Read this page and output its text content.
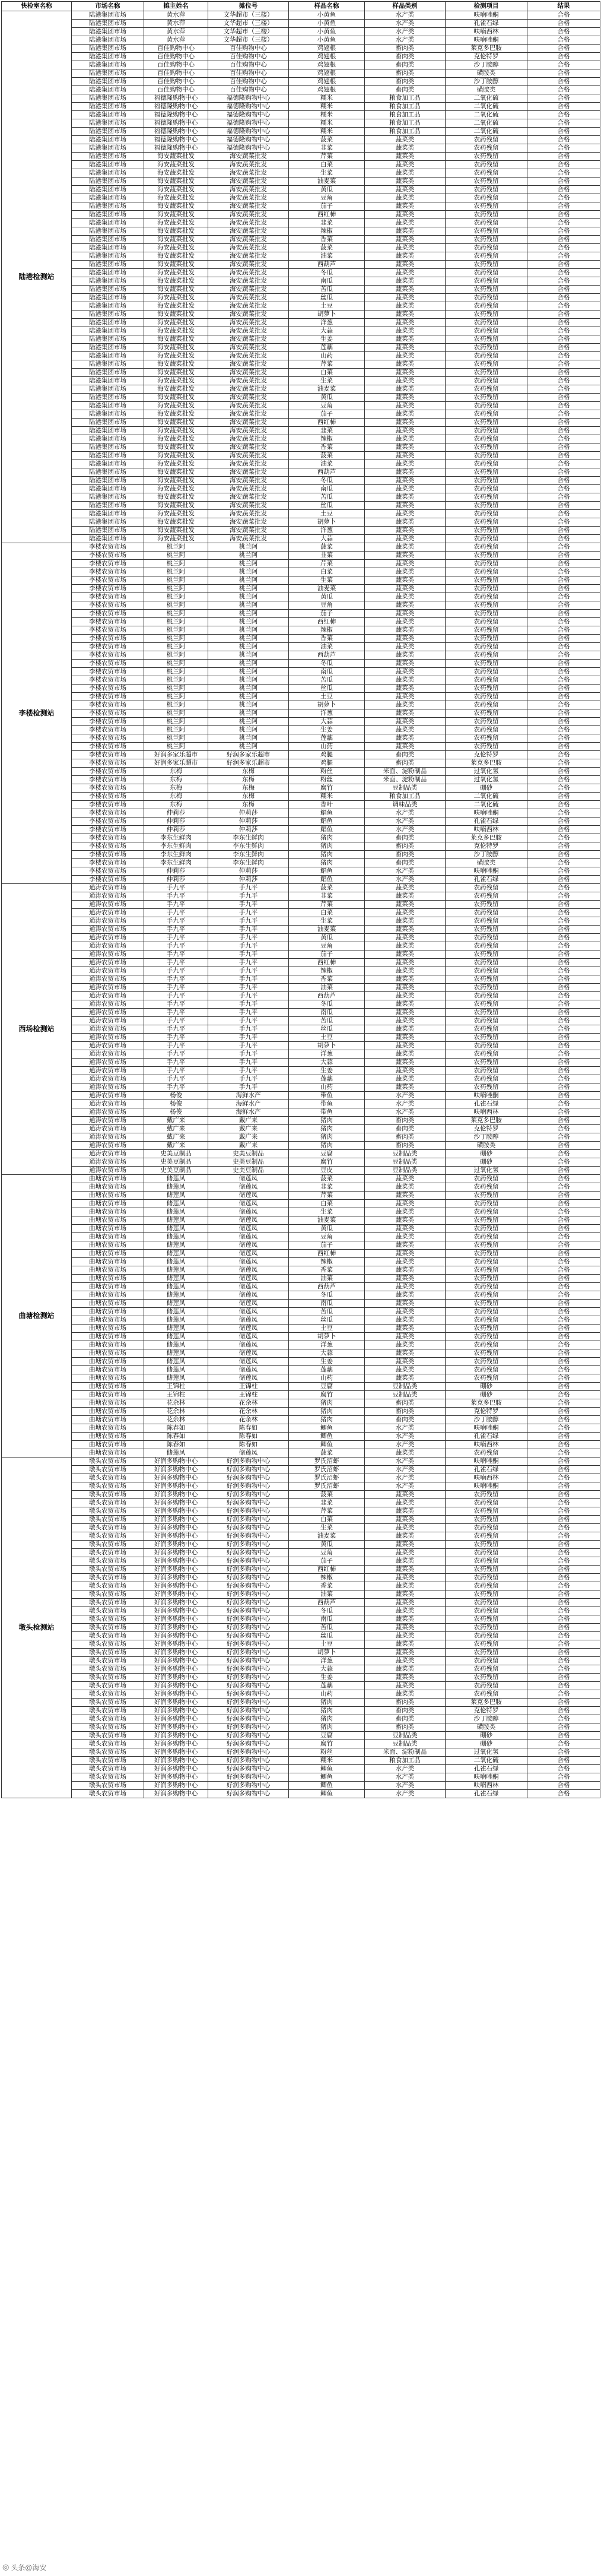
快检室名称	市场名称	摊主姓名	摊位号	样品名称	样品类别	检测项目	结果
陆港检测站	陆港集团市场	黄水萍	文华超市（三楼）	小黄鱼	水产类	呋喃唑酮	合格
	陆港集团市场	黄水萍	文华超市（三楼）	小黄鱼	水产类	孔雀石绿	合格
	陆港集团市场	黄水萍	文华超市（三楼）	小黄鱼	水产类	呋喃西林	合格
	陆港集团市场	黄水萍	文华超市（三楼）	小黄鱼	水产类	呋喃唑酮	合格
	陆港集团市场	百佳购物中心	百佳购物中心	鸡翅根	畜肉类	莱克多巴胺	合格
	陆港集团市场	百佳购物中心	百佳购物中心	鸡翅根	畜肉类	克伦特罗	合格
	陆港集团市场	百佳购物中心	百佳购物中心	鸡翅根	畜肉类	沙丁胺醇	合格
	陆港集团市场	百佳购物中心	百佳购物中心	鸡翅根	畜肉类	磺胺类	合格
	陆港集团市场	百佳购物中心	百佳购物中心	鸡翅根	畜肉类	沙丁胺醇	合格
	陆港集团市场	百佳购物中心	百佳购物中心	鸡翅根	畜肉类	磺胺类	合格
	陆港集团市场	福德隆购物中心	福德隆购物中心	糯米	粮食加工品	二氧化硫	合格
	陆港集团市场	福德隆购物中心	福德隆购物中心	糯米	粮食加工品	二氧化硫	合格
	陆港集团市场	福德隆购物中心	福德隆购物中心	糯米	粮食加工品	二氧化硫	合格
	陆港集团市场	福德隆购物中心	福德隆购物中心	糯米	粮食加工品	二氧化硫	合格
	陆港集团市场	福德隆购物中心	福德隆购物中心	糯米	粮食加工品	二氧化硫	合格
	陆港集团市场	福德隆购物中心	福德隆购物中心	菠菜	蔬菜类	农药残留	合格
	陆港集团市场	福德隆购物中心	福德隆购物中心	韭菜	蔬菜类	农药残留	合格
	陆港集团市场	海安蔬菜批发	海安蔬菜批发	芹菜	蔬菜类	农药残留	合格
	陆港集团市场	海安蔬菜批发	海安蔬菜批发	白菜	蔬菜类	农药残留	合格
	陆港集团市场	海安蔬菜批发	海安蔬菜批发	生菜	蔬菜类	农药残留	合格
	陆港集团市场	海安蔬菜批发	海安蔬菜批发	油麦菜	蔬菜类	农药残留	合格
	陆港集团市场	海安蔬菜批发	海安蔬菜批发	黄瓜	蔬菜类	农药残留	合格
	陆港集团市场	海安蔬菜批发	海安蔬菜批发	豆角	蔬菜类	农药残留	合格
	陆港集团市场	海安蔬菜批发	海安蔬菜批发	茄子	蔬菜类	农药残留	合格
	陆港集团市场	海安蔬菜批发	海安蔬菜批发	西红柿	蔬菜类	农药残留	合格
	陆港集团市场	海安蔬菜批发	海安蔬菜批发	韭菜	蔬菜类	农药残留	合格
	陆港集团市场	海安蔬菜批发	海安蔬菜批发	辣椒	蔬菜类	农药残留	合格
	陆港集团市场	海安蔬菜批发	海安蔬菜批发	香菜	蔬菜类	农药残留	合格
	陆港集团市场	海安蔬菜批发	海安蔬菜批发	菠菜	蔬菜类	农药残留	合格
	陆港集团市场	海安蔬菜批发	海安蔬菜批发	油菜	蔬菜类	农药残留	合格
	陆港集团市场	海安蔬菜批发	海安蔬菜批发	西葫芦	蔬菜类	农药残留	合格
	陆港集团市场	海安蔬菜批发	海安蔬菜批发	冬瓜	蔬菜类	农药残留	合格
	陆港集团市场	海安蔬菜批发	海安蔬菜批发	南瓜	蔬菜类	农药残留	合格
	陆港集团市场	海安蔬菜批发	海安蔬菜批发	苦瓜	蔬菜类	农药残留	合格
	陆港集团市场	海安蔬菜批发	海安蔬菜批发	丝瓜	蔬菜类	农药残留	合格
	陆港集团市场	海安蔬菜批发	海安蔬菜批发	土豆	蔬菜类	农药残留	合格
	陆港集团市场	海安蔬菜批发	海安蔬菜批发	胡萝卜	蔬菜类	农药残留	合格
	陆港集团市场	海安蔬菜批发	海安蔬菜批发	洋葱	蔬菜类	农药残留	合格
	陆港集团市场	海安蔬菜批发	海安蔬菜批发	大蒜	蔬菜类	农药残留	合格
	陆港集团市场	海安蔬菜批发	海安蔬菜批发	生姜	蔬菜类	农药残留	合格
	陆港集团市场	海安蔬菜批发	海安蔬菜批发	莲藕	蔬菜类	农药残留	合格
	陆港集团市场	海安蔬菜批发	海安蔬菜批发	山药	蔬菜类	农药残留	合格
	陆港集团市场	海安蔬菜批发	海安蔬菜批发	芹菜	蔬菜类	农药残留	合格
	陆港集团市场	海安蔬菜批发	海安蔬菜批发	白菜	蔬菜类	农药残留	合格
	陆港集团市场	海安蔬菜批发	海安蔬菜批发	生菜	蔬菜类	农药残留	合格
	陆港集团市场	海安蔬菜批发	海安蔬菜批发	油麦菜	蔬菜类	农药残留	合格
	陆港集团市场	海安蔬菜批发	海安蔬菜批发	黄瓜	蔬菜类	农药残留	合格
	陆港集团市场	海安蔬菜批发	海安蔬菜批发	豆角	蔬菜类	农药残留	合格
	陆港集团市场	海安蔬菜批发	海安蔬菜批发	茄子	蔬菜类	农药残留	合格
	陆港集团市场	海安蔬菜批发	海安蔬菜批发	西红柿	蔬菜类	农药残留	合格
	陆港集团市场	海安蔬菜批发	海安蔬菜批发	韭菜	蔬菜类	农药残留	合格
	陆港集团市场	海安蔬菜批发	海安蔬菜批发	辣椒	蔬菜类	农药残留	合格
	陆港集团市场	海安蔬菜批发	海安蔬菜批发	香菜	蔬菜类	农药残留	合格
	陆港集团市场	海安蔬菜批发	海安蔬菜批发	菠菜	蔬菜类	农药残留	合格
	陆港集团市场	海安蔬菜批发	海安蔬菜批发	油菜	蔬菜类	农药残留	合格
	陆港集团市场	海安蔬菜批发	海安蔬菜批发	西葫芦	蔬菜类	农药残留	合格
	陆港集团市场	海安蔬菜批发	海安蔬菜批发	冬瓜	蔬菜类	农药残留	合格
	陆港集团市场	海安蔬菜批发	海安蔬菜批发	南瓜	蔬菜类	农药残留	合格
	陆港集团市场	海安蔬菜批发	海安蔬菜批发	苦瓜	蔬菜类	农药残留	合格
	陆港集团市场	海安蔬菜批发	海安蔬菜批发	丝瓜	蔬菜类	农药残留	合格
	陆港集团市场	海安蔬菜批发	海安蔬菜批发	土豆	蔬菜类	农药残留	合格
	陆港集团市场	海安蔬菜批发	海安蔬菜批发	胡萝卜	蔬菜类	农药残留	合格
	陆港集团市场	海安蔬菜批发	海安蔬菜批发	洋葱	蔬菜类	农药残留	合格
	陆港集团市场	海安蔬菜批发	海安蔬菜批发	大蒜	蔬菜类	农药残留	合格
李楼检测站	李楼农贸市场	桃兰阿	桃兰阿	菠菜	蔬菜类	农药残留	合格
	李楼农贸市场	桃兰阿	桃兰阿	韭菜	蔬菜类	农药残留	合格
	李楼农贸市场	桃兰阿	桃兰阿	芹菜	蔬菜类	农药残留	合格
	李楼农贸市场	桃兰阿	桃兰阿	白菜	蔬菜类	农药残留	合格
	李楼农贸市场	桃兰阿	桃兰阿	生菜	蔬菜类	农药残留	合格
	李楼农贸市场	桃兰阿	桃兰阿	油麦菜	蔬菜类	农药残留	合格
	李楼农贸市场	桃兰阿	桃兰阿	黄瓜	蔬菜类	农药残留	合格
	李楼农贸市场	桃兰阿	桃兰阿	豆角	蔬菜类	农药残留	合格
	李楼农贸市场	桃兰阿	桃兰阿	茄子	蔬菜类	农药残留	合格
	李楼农贸市场	桃兰阿	桃兰阿	西红柿	蔬菜类	农药残留	合格
	李楼农贸市场	桃兰阿	桃兰阿	辣椒	蔬菜类	农药残留	合格
	李楼农贸市场	桃兰阿	桃兰阿	香菜	蔬菜类	农药残留	合格
	李楼农贸市场	桃兰阿	桃兰阿	油菜	蔬菜类	农药残留	合格
	李楼农贸市场	桃兰阿	桃兰阿	西葫芦	蔬菜类	农药残留	合格
	李楼农贸市场	桃兰阿	桃兰阿	冬瓜	蔬菜类	农药残留	合格
	李楼农贸市场	桃兰阿	桃兰阿	南瓜	蔬菜类	农药残留	合格
	李楼农贸市场	桃兰阿	桃兰阿	苦瓜	蔬菜类	农药残留	合格
	李楼农贸市场	桃兰阿	桃兰阿	丝瓜	蔬菜类	农药残留	合格
	李楼农贸市场	桃兰阿	桃兰阿	土豆	蔬菜类	农药残留	合格
	李楼农贸市场	桃兰阿	桃兰阿	胡萝卜	蔬菜类	农药残留	合格
	李楼农贸市场	桃兰阿	桃兰阿	洋葱	蔬菜类	农药残留	合格
	李楼农贸市场	桃兰阿	桃兰阿	大蒜	蔬菜类	农药残留	合格
	李楼农贸市场	桃兰阿	桃兰阿	生姜	蔬菜类	农药残留	合格
	李楼农贸市场	桃兰阿	桃兰阿	莲藕	蔬菜类	农药残留	合格
	李楼农贸市场	桃兰阿	桃兰阿	山药	蔬菜类	农药残留	合格
	李楼农贸市场	好润多家乐超市	好润多家乐超市	鸡腿	畜肉类	克伦特罗	合格
	李楼农贸市场	好润多家乐超市	好润多家乐超市	鸡腿	畜肉类	莱克多巴胺	合格
	李楼农贸市场	东梅	东梅	粉丝	米面、淀粉制品	过氧化氢	合格
	李楼农贸市场	东梅	东梅	粉丝	米面、淀粉制品	过氧化氢	合格
	李楼农贸市场	东梅	东梅	腐竹	豆制品类	硼砂	合格
	李楼农贸市场	东梅	东梅	糯米	粮食加工品	二氧化硫	合格
	李楼农贸市场	东梅	东梅	香叶	调味品类	二氧化硫	合格
	李楼农贸市场	仲莉莎	仲莉莎	鲳鱼	水产类	呋喃唑酮	合格
	李楼农贸市场	仲莉莎	仲莉莎	鲳鱼	水产类	孔雀石绿	合格
	李楼农贸市场	仲莉莎	仲莉莎	鲳鱼	水产类	呋喃西林	合格
	李楼农贸市场	李东生鲜肉	李东生鲜肉	猪肉	畜肉类	莱克多巴胺	合格
	李楼农贸市场	李东生鲜肉	李东生鲜肉	猪肉	畜肉类	克伦特罗	合格
	李楼农贸市场	李东生鲜肉	李东生鲜肉	猪肉	畜肉类	沙丁胺醇	合格
	李楼农贸市场	李东生鲜肉	李东生鲜肉	猪肉	畜肉类	磺胺类	合格
	李楼农贸市场	仲莉莎	仲莉莎	鲳鱼	水产类	呋喃唑酮	合格
	李楼农贸市场	仲莉莎	仲莉莎	鲳鱼	水产类	孔雀石绿	合格
西场检测站	通涛农贸市场	手九平	手九平	菠菜	蔬菜类	农药残留	合格
	通涛农贸市场	手九平	手九平	韭菜	蔬菜类	农药残留	合格
	通涛农贸市场	手九平	手九平	芹菜	蔬菜类	农药残留	合格
	通涛农贸市场	手九平	手九平	白菜	蔬菜类	农药残留	合格
	通涛农贸市场	手九平	手九平	生菜	蔬菜类	农药残留	合格
	通涛农贸市场	手九平	手九平	油麦菜	蔬菜类	农药残留	合格
	通涛农贸市场	手九平	手九平	黄瓜	蔬菜类	农药残留	合格
	通涛农贸市场	手九平	手九平	豆角	蔬菜类	农药残留	合格
	通涛农贸市场	手九平	手九平	茄子	蔬菜类	农药残留	合格
	通涛农贸市场	手九平	手九平	西红柿	蔬菜类	农药残留	合格
	通涛农贸市场	手九平	手九平	辣椒	蔬菜类	农药残留	合格
	通涛农贸市场	手九平	手九平	香菜	蔬菜类	农药残留	合格
	通涛农贸市场	手九平	手九平	油菜	蔬菜类	农药残留	合格
	通涛农贸市场	手九平	手九平	西葫芦	蔬菜类	农药残留	合格
	通涛农贸市场	手九平	手九平	冬瓜	蔬菜类	农药残留	合格
	通涛农贸市场	手九平	手九平	南瓜	蔬菜类	农药残留	合格
	通涛农贸市场	手九平	手九平	苦瓜	蔬菜类	农药残留	合格
	通涛农贸市场	手九平	手九平	丝瓜	蔬菜类	农药残留	合格
	通涛农贸市场	手九平	手九平	土豆	蔬菜类	农药残留	合格
	通涛农贸市场	手九平	手九平	胡萝卜	蔬菜类	农药残留	合格
	通涛农贸市场	手九平	手九平	洋葱	蔬菜类	农药残留	合格
	通涛农贸市场	手九平	手九平	大蒜	蔬菜类	农药残留	合格
	通涛农贸市场	手九平	手九平	生姜	蔬菜类	农药残留	合格
	通涛农贸市场	手九平	手九平	莲藕	蔬菜类	农药残留	合格
	通涛农贸市场	手九平	手九平	山药	蔬菜类	农药残留	合格
	通涛农贸市场	杨俊	海鲜水产	带鱼	水产类	呋喃唑酮	合格
	通涛农贸市场	杨俊	海鲜水产	带鱼	水产类	孔雀石绿	合格
	通涛农贸市场	杨俊	海鲜水产	带鱼	水产类	呋喃西林	合格
	通涛农贸市场	戴广来	戴广来	猪肉	畜肉类	莱克多巴胺	合格
	通涛农贸市场	戴广来	戴广来	猪肉	畜肉类	克伦特罗	合格
	通涛农贸市场	戴广来	戴广来	猪肉	畜肉类	沙丁胺醇	合格
	通涛农贸市场	戴广来	戴广来	猪肉	畜肉类	磺胺类	合格
	通涛农贸市场	史美豆制品	史美豆制品	豆腐	豆制品类	硼砂	合格
	通涛农贸市场	史美豆制品	史美豆制品	腐竹	豆制品类	硼砂	合格
	通涛农贸市场	史美豆制品	史美豆制品	豆皮	豆制品类	过氧化氢	合格
曲塘检测站	曲塘农贸市场	储莲凤	储莲凤	菠菜	蔬菜类	农药残留	合格
	曲塘农贸市场	储莲凤	储莲凤	韭菜	蔬菜类	农药残留	合格
	曲塘农贸市场	储莲凤	储莲凤	芹菜	蔬菜类	农药残留	合格
	曲塘农贸市场	储莲凤	储莲凤	白菜	蔬菜类	农药残留	合格
	曲塘农贸市场	储莲凤	储莲凤	生菜	蔬菜类	农药残留	合格
	曲塘农贸市场	储莲凤	储莲凤	油麦菜	蔬菜类	农药残留	合格
	曲塘农贸市场	储莲凤	储莲凤	黄瓜	蔬菜类	农药残留	合格
	曲塘农贸市场	储莲凤	储莲凤	豆角	蔬菜类	农药残留	合格
	曲塘农贸市场	储莲凤	储莲凤	茄子	蔬菜类	农药残留	合格
	曲塘农贸市场	储莲凤	储莲凤	西红柿	蔬菜类	农药残留	合格
	曲塘农贸市场	储莲凤	储莲凤	辣椒	蔬菜类	农药残留	合格
	曲塘农贸市场	储莲凤	储莲凤	香菜	蔬菜类	农药残留	合格
	曲塘农贸市场	储莲凤	储莲凤	油菜	蔬菜类	农药残留	合格
	曲塘农贸市场	储莲凤	储莲凤	西葫芦	蔬菜类	农药残留	合格
	曲塘农贸市场	储莲凤	储莲凤	冬瓜	蔬菜类	农药残留	合格
	曲塘农贸市场	储莲凤	储莲凤	南瓜	蔬菜类	农药残留	合格
	曲塘农贸市场	储莲凤	储莲凤	苦瓜	蔬菜类	农药残留	合格
	曲塘农贸市场	储莲凤	储莲凤	丝瓜	蔬菜类	农药残留	合格
	曲塘农贸市场	储莲凤	储莲凤	土豆	蔬菜类	农药残留	合格
	曲塘农贸市场	储莲凤	储莲凤	胡萝卜	蔬菜类	农药残留	合格
	曲塘农贸市场	储莲凤	储莲凤	洋葱	蔬菜类	农药残留	合格
	曲塘农贸市场	储莲凤	储莲凤	大蒜	蔬菜类	农药残留	合格
	曲塘农贸市场	储莲凤	储莲凤	生姜	蔬菜类	农药残留	合格
	曲塘农贸市场	储莲凤	储莲凤	莲藕	蔬菜类	农药残留	合格
	曲塘农贸市场	储莲凤	储莲凤	山药	蔬菜类	农药残留	合格
	曲塘农贸市场	王锦柱	王锦柱	豆腐	豆制品类	硼砂	合格
	曲塘农贸市场	王锦柱	王锦柱	腐竹	豆制品类	硼砂	合格
	曲塘农贸市场	花余林	花余林	猪肉	畜肉类	莱克多巴胺	合格
	曲塘农贸市场	花余林	花余林	猪肉	畜肉类	克伦特罗	合格
	曲塘农贸市场	花余林	花余林	猪肉	畜肉类	沙丁胺醇	合格
	曲塘农贸市场	陈春如	陈春如	鲫鱼	水产类	呋喃唑酮	合格
	曲塘农贸市场	陈春如	陈春如	鲫鱼	水产类	孔雀石绿	合格
	曲塘农贸市场	陈春如	陈春如	鲫鱼	水产类	呋喃西林	合格
	曲塘农贸市场	储莲凤	储莲凤	菠菜	蔬菜类	农药残留	合格
墩头检测站	墩头农贸市场	好润多购物中心	好润多购物中心	罗氏沼虾	水产类	呋喃唑酮	合格
	墩头农贸市场	好润多购物中心	好润多购物中心	罗氏沼虾	水产类	孔雀石绿	合格
	墩头农贸市场	好润多购物中心	好润多购物中心	罗氏沼虾	水产类	呋喃西林	合格
	墩头农贸市场	好润多购物中心	好润多购物中心	罗氏沼虾	水产类	呋喃唑酮	合格
	墩头农贸市场	好润多购物中心	好润多购物中心	菠菜	蔬菜类	农药残留	合格
	墩头农贸市场	好润多购物中心	好润多购物中心	韭菜	蔬菜类	农药残留	合格
	墩头农贸市场	好润多购物中心	好润多购物中心	芹菜	蔬菜类	农药残留	合格
	墩头农贸市场	好润多购物中心	好润多购物中心	白菜	蔬菜类	农药残留	合格
	墩头农贸市场	好润多购物中心	好润多购物中心	生菜	蔬菜类	农药残留	合格
	墩头农贸市场	好润多购物中心	好润多购物中心	油麦菜	蔬菜类	农药残留	合格
	墩头农贸市场	好润多购物中心	好润多购物中心	黄瓜	蔬菜类	农药残留	合格
	墩头农贸市场	好润多购物中心	好润多购物中心	豆角	蔬菜类	农药残留	合格
	墩头农贸市场	好润多购物中心	好润多购物中心	茄子	蔬菜类	农药残留	合格
	墩头农贸市场	好润多购物中心	好润多购物中心	西红柿	蔬菜类	农药残留	合格
	墩头农贸市场	好润多购物中心	好润多购物中心	辣椒	蔬菜类	农药残留	合格
	墩头农贸市场	好润多购物中心	好润多购物中心	香菜	蔬菜类	农药残留	合格
	墩头农贸市场	好润多购物中心	好润多购物中心	油菜	蔬菜类	农药残留	合格
	墩头农贸市场	好润多购物中心	好润多购物中心	西葫芦	蔬菜类	农药残留	合格
	墩头农贸市场	好润多购物中心	好润多购物中心	冬瓜	蔬菜类	农药残留	合格
	墩头农贸市场	好润多购物中心	好润多购物中心	南瓜	蔬菜类	农药残留	合格
	墩头农贸市场	好润多购物中心	好润多购物中心	苦瓜	蔬菜类	农药残留	合格
	墩头农贸市场	好润多购物中心	好润多购物中心	丝瓜	蔬菜类	农药残留	合格
	墩头农贸市场	好润多购物中心	好润多购物中心	土豆	蔬菜类	农药残留	合格
	墩头农贸市场	好润多购物中心	好润多购物中心	胡萝卜	蔬菜类	农药残留	合格
	墩头农贸市场	好润多购物中心	好润多购物中心	洋葱	蔬菜类	农药残留	合格
	墩头农贸市场	好润多购物中心	好润多购物中心	大蒜	蔬菜类	农药残留	合格
	墩头农贸市场	好润多购物中心	好润多购物中心	生姜	蔬菜类	农药残留	合格
	墩头农贸市场	好润多购物中心	好润多购物中心	莲藕	蔬菜类	农药残留	合格
	墩头农贸市场	好润多购物中心	好润多购物中心	山药	蔬菜类	农药残留	合格
	墩头农贸市场	好润多购物中心	好润多购物中心	猪肉	畜肉类	莱克多巴胺	合格
	墩头农贸市场	好润多购物中心	好润多购物中心	猪肉	畜肉类	克伦特罗	合格
	墩头农贸市场	好润多购物中心	好润多购物中心	猪肉	畜肉类	沙丁胺醇	合格
	墩头农贸市场	好润多购物中心	好润多购物中心	猪肉	畜肉类	磺胺类	合格
	墩头农贸市场	好润多购物中心	好润多购物中心	豆腐	豆制品类	硼砂	合格
	墩头农贸市场	好润多购物中心	好润多购物中心	腐竹	豆制品类	硼砂	合格
	墩头农贸市场	好润多购物中心	好润多购物中心	粉丝	米面、淀粉制品	过氧化氢	合格
	墩头农贸市场	好润多购物中心	好润多购物中心	糯米	粮食加工品	二氧化硫	合格
	墩头农贸市场	好润多购物中心	好润多购物中心	鲫鱼	水产类	孔雀石绿	合格
	墩头农贸市场	好润多购物中心	好润多购物中心	鲫鱼	水产类	呋喃唑酮	合格
	墩头农贸市场	好润多购物中心	好润多购物中心	鲫鱼	水产类	呋喃西林	合格
	墩头农贸市场	好润多购物中心	好润多购物中心	鲫鱼	水产类	孔雀石绿	合格
◎ 头条@海安
